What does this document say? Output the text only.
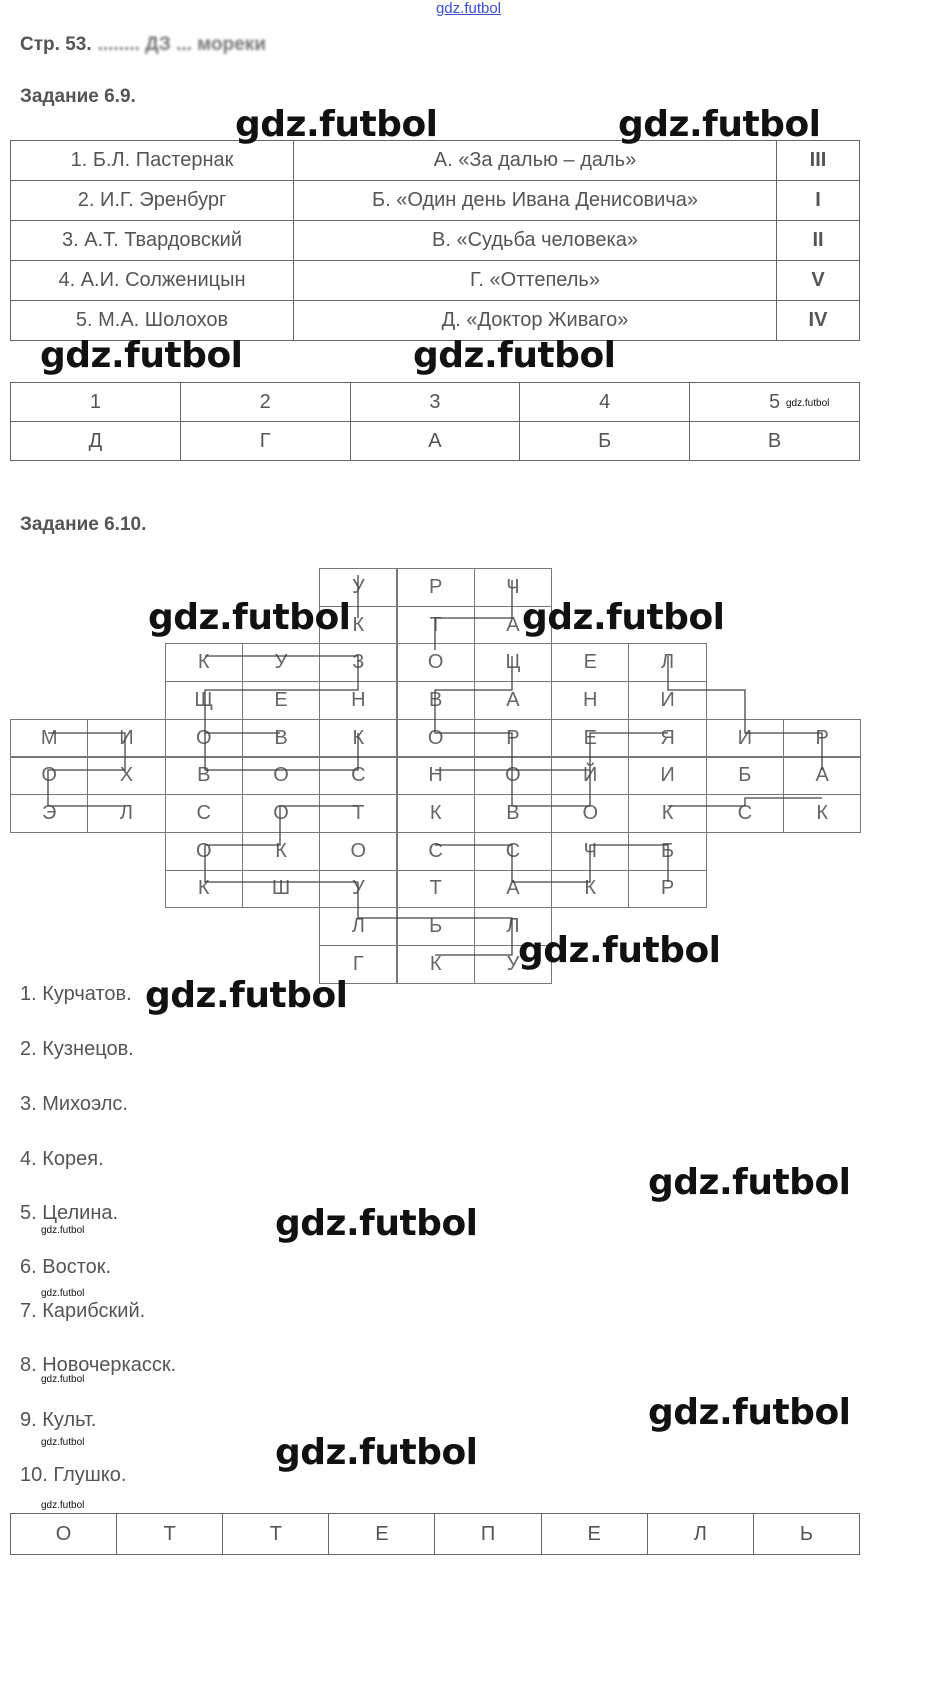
gdz.futbol
Стр. 53. ........ ДЗ ... мореки
Задание 6.9.
1. Б.Л. Пастернак	А. «За далью – даль»	III
2. И.Г. Эренбург	Б. «Один день Ивана Денисовича»	I
3. А.Т. Твардовский	В. «Судьба человека»	II
4. А.И. Солженицын	Г. «Оттепель»	V
5. М.А. Шолохов	Д. «Доктор Живаго»	IV
1	2	3	4	5
Д	Г	А	Б	В
Задание 6.10.
У	Р	Ч
К	Т	А
К	У	З	О	Ц	Е	Л
Щ	Е	Н	В	А	Н	И
М	И	О	В	К	О	Р	Е	Я	И	Р
О	Х	В	О	С	Н	О	Й	И	Б	А
Э	Л	С	О	Т	К	В	О	К	С	К
О	К	О	С	С	Ч	Б
К	Ш	У	Т	А	К	Р
Л	Ь	Л
Г	К	У
1. Курчатов.
2. Кузнецов.
3. Михоэлс.
4. Корея.
5. Целина.
6. Восток.
7. Карибский.
8. Новочеркасск.
9. Культ.
10. Глушко.
О	Т	Т	Е	П	Е	Л	Ь
gdz.futbol	gdz.futbol
gdz.futbol	gdz.futbol
gdz.futbol	gdz.futbol
gdz.futbol
gdz.futbol
gdz.futbol
gdz.futbol
gdz.futbol
gdz.futbol
gdz.futbol
gdz.futbol
gdz.futbol
gdz.futbol
gdz.futbol
gdz.futbol
